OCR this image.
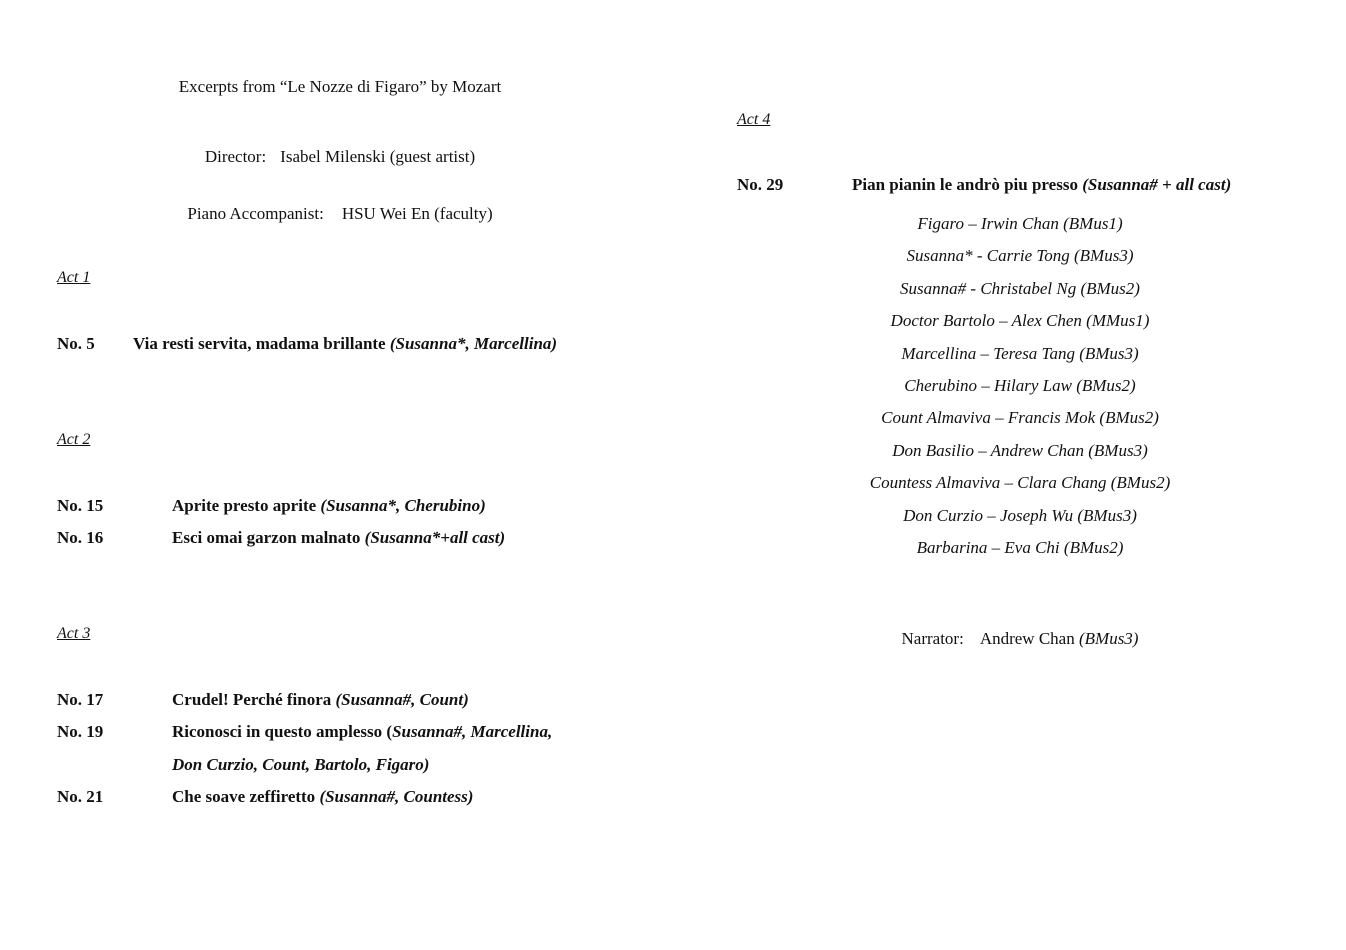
Excerpts from “Le Nozze di Figaro” by Mozart
Director: Isabel Milenski (guest artist)
Piano Accompanist: HSU Wei En (faculty)
Act 1
No. 5 Via resti servita, madama brillante (Susanna*, Marcellina)
Act 2
No. 15	Aprite presto aprite (Susanna*, Cherubino)
No. 16	Esci omai garzon malnato (Susanna*+all cast)
Act 3
No. 17	Crudel! Perché finora (Susanna#, Count)
No. 19	Riconosci in questo amplesso (Susanna#, Marcellina,
Don Curzio, Count, Bartolo, Figaro)
No. 21	Che soave zeffiretto (Susanna#, Countess)
Act 4
No. 29	Pian pianin le andrò piu presso (Susanna# + all cast)
Figaro – Irwin Chan (BMus1)
Susanna* - Carrie Tong (BMus3)
Susanna# - Christabel Ng (BMus2)
Doctor Bartolo – Alex Chen (MMus1)
Marcellina – Teresa Tang (BMus3)
Cherubino – Hilary Law (BMus2)
Count Almaviva – Francis Mok (BMus2)
Don Basilio – Andrew Chan (BMus3)
Countess Almaviva – Clara Chang (BMus2)
Don Curzio – Joseph Wu (BMus3)
Barbarina – Eva Chi (BMus2)
Narrator: Andrew Chan (BMus3)
